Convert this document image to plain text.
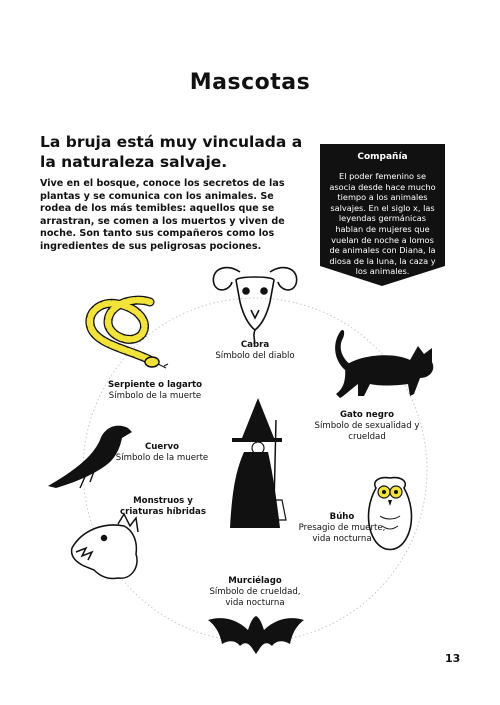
Mascotas
La bruja está muy vinculada a la naturaleza salvaje.
Vive en el bosque, conoce los secretos de las plantas y se comunica con los animales. Se rodea de los más temibles: aquellos que se arrastran, se comen a los muertos y viven de noche. Son tanto sus compañeros como los ingredientes de sus peligrosas pociones.
Compañía
El poder femenino se asocia desde hace mucho tiempo a los animales salvajes. En el siglo x, las leyendas germánicas hablan de mujeres que vuelan de noche a lomos de animales con Diana, la diosa de la luna, la caza y los animales.
Cabra
Símbolo del diablo
Serpiente o lagarto
Símbolo de la muerte
Gato negro
Símbolo de sexualidad y crueldad
Cuervo
Símbolo de la muerte
Monstruos y criaturas híbridas	Búho
Presagio de muerte, vida nocturna
Murciélago
Símbolo de crueldad, vida nocturna
13
